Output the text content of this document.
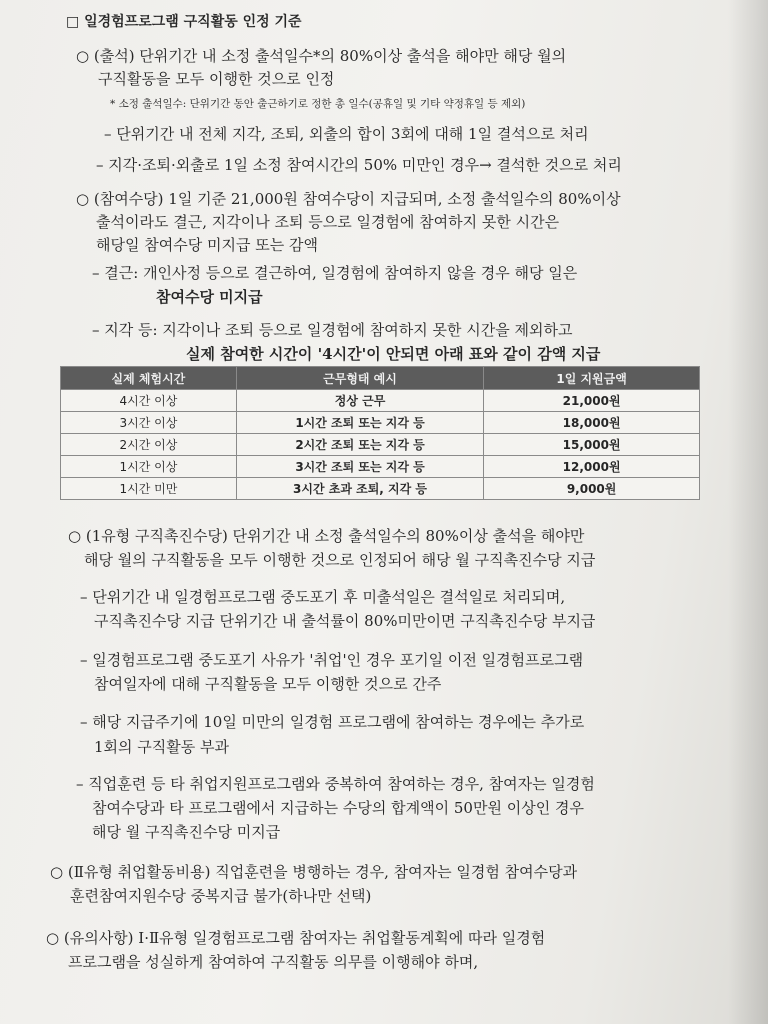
□ 일경험프로그램 구직활동 인정 기준
○ (출석) 단위기간 내 소정 출석일수*의 80%이상 출석을 해야만 해당 월의
구직활동을 모두 이행한 것으로 인정
* 소정 출석일수: 단위기간 동안 출근하기로 정한 총 일수(공휴일 및 기타 약정휴일 등 제외)
– 단위기간 내 전체 지각, 조퇴, 외출의 합이 3회에 대해 1일 결석으로 처리
– 지각·조퇴·외출로 1일 소정 참여시간의 50% 미만인 경우→ 결석한 것으로 처리
○ (참여수당) 1일 기준 21,000원 참여수당이 지급되며, 소정 출석일수의 80%이상
출석이라도 결근, 지각이나 조퇴 등으로 일경험에 참여하지 못한 시간은
해당일 참여수당 미지급 또는 감액
– 결근: 개인사정 등으로 결근하여, 일경험에 참여하지 않을 경우 해당 일은
참여수당 미지급
– 지각 등: 지각이나 조퇴 등으로 일경험에 참여하지 못한 시간을 제외하고
실제 참여한 시간이 '4시간'이 안되면 아래 표와 같이 감액 지급
실제 체험시간	근무형태 예시	1일 지원금액
4시간 이상	정상 근무	21,000원
3시간 이상	1시간 조퇴 또는 지각 등	18,000원
2시간 이상	2시간 조퇴 또는 지각 등	15,000원
1시간 이상	3시간 조퇴 또는 지각 등	12,000원
1시간 미만	3시간 초과 조퇴, 지각 등	9,000원
○ (1유형 구직촉진수당) 단위기간 내 소정 출석일수의 80%이상 출석을 해야만
해당 월의 구직활동을 모두 이행한 것으로 인정되어 해당 월 구직촉진수당 지급
– 단위기간 내 일경험프로그램 중도포기 후 미출석일은 결석일로 처리되며,
구직촉진수당 지급 단위기간 내 출석률이 80%미만이면 구직촉진수당 부지급
– 일경험프로그램 중도포기 사유가 '취업'인 경우 포기일 이전 일경험프로그램
참여일자에 대해 구직활동을 모두 이행한 것으로 간주
– 해당 지급주기에 10일 미만의 일경험 프로그램에 참여하는 경우에는 추가로
1회의 구직활동 부과
– 직업훈련 등 타 취업지원프로그램와 중복하여 참여하는 경우, 참여자는 일경험
참여수당과 타 프로그램에서 지급하는 수당의 합계액이 50만원 이상인 경우
해당 월 구직촉진수당 미지급
○ (Ⅱ유형 취업활동비용) 직업훈련을 병행하는 경우, 참여자는 일경험 참여수당과
훈련참여지원수당 중복지급 불가(하나만 선택)
○ (유의사항) Ⅰ·Ⅱ유형 일경험프로그램 참여자는 취업활동계획에 따라 일경험
프로그램을 성실하게 참여하여 구직활동 의무를 이행해야 하며,
